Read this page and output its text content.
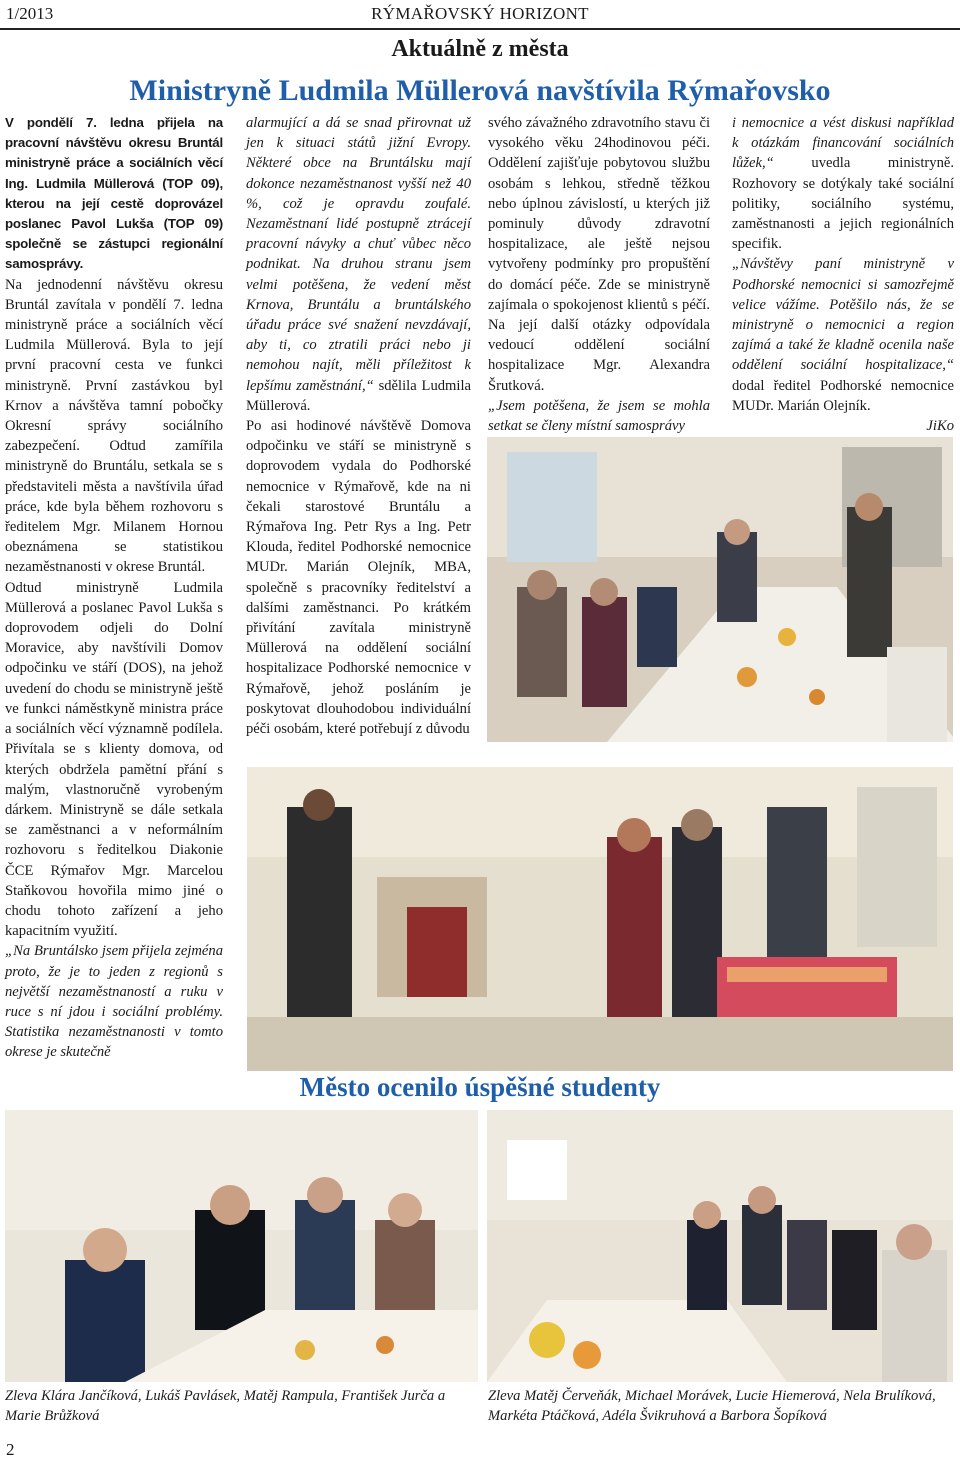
1/2013	RÝMAŘOVSKÝ HORIZONT
Aktuálně z města
Ministryně Ludmila Müllerová navštívila Rýmařovsko

V pondělí 7. ledna přijela na pracovní návštěvu okresu Bruntál ministryně práce a sociálních věcí Ing. Ludmila Müllerová (TOP 09), kterou na její cestě doprovázel poslanec Pavol Lukša (TOP 09) společně se zástupci regionální samosprávy.

Na jednodenní návštěvu okresu Bruntál zavítala v pondělí 7. ledna ministryně práce a sociálních věcí Ludmila Müllerová. Byla to její první pracovní cesta ve funkci ministryně. První zastávkou byl Krnov a návštěva tamní pobočky Okresní správy sociálního zabezpečení. Odtud zamířila ministryně do Bruntálu, setkala se s představiteli města a navštívila úřad práce, kde byla během rozhovoru s ředitelem Mgr. Milanem Hornou obeznámena se statistikou nezaměstnanosti v okrese Bruntál.

Odtud ministryně Ludmila Müllerová a poslanec Pavol Lukša s doprovodem odjeli do Dolní Moravice, aby navštívili Domov odpočinku ve stáří (DOS), na jehož uvedení do chodu se ministryně ještě ve funkci náměstkyně ministra práce a sociálních věcí významně podílela. Přivítala se s klienty domova, od kterých obdržela pamětní přání s malým, vlastnoručně vyrobeným dárkem. Ministryně se dále setkala se zaměstnanci a v neformálním rozhovoru s ředitelkou Diakonie ČCE Rýmařov Mgr. Marcelou Staňkovou hovořila mimo jiné o chodu tohoto zařízení a jeho kapacitním využití.

„Na Bruntálsko jsem přijela zejména proto, že je to jeden z regionů s největší nezaměstnaností a ruku v ruce s ní jdou i sociální problémy. Statistika nezaměstnanosti v tomto okrese je skutečně

alarmující a dá se snad přirovnat už jen k situaci států jižní Evropy. Některé obce na Bruntálsku mají dokonce nezaměstnanost vyšší než 40 %, což je opravdu zoufalé. Nezaměstnaní lidé postupně ztrácejí pracovní návyky a chuť vůbec něco podnikat. Na druhou stranu jsem velmi potěšena, že vedení měst Krnova, Bruntálu a bruntálského úřadu práce své snažení nevzdávají, aby ti, co ztratili práci nebo ji nemohou najít, měli příležitost k lepšímu zaměstnání,“ sdělila Ludmila Müllerová.

Po asi hodinové návštěvě Domova odpočinku ve stáří se ministryně s doprovodem vydala do Podhorské nemocnice v Rýmařově, kde na ni čekali starostové Bruntálu a Rýmařova Ing. Petr Rys a Ing. Petr Klouda, ředitel Podhorské nemocnice MUDr. Marián Olejník, MBA, společně s pracovníky ředitelství a dalšími zaměstnanci. Po krátkém přivítání zavítala ministryně Müllerová na oddělení sociální hospitalizace Podhorské nemocnice v Rýmařově, jehož posláním je poskytovat dlouhodobou individuální péči osobám, které potřebují z důvodu

svého závažného zdravotního stavu či vysokého věku 24hodinovou péči. Oddělení zajišťuje pobytovou službu osobám s lehkou, středně těžkou nebo úplnou závislostí, u kterých již pominuly důvody zdravotní hospitalizace, ale ještě nejsou vytvořeny podmínky pro propuštění do domácí péče. Zde se ministryně zajímala o spokojenost klientů s péčí. Na její další otázky odpovídala vedoucí oddělení sociální hospitalizace Mgr. Alexandra Šrutková.

„Jsem potěšena, že jsem se mohla setkat se členy místní samosprávy

i nemocnice a vést diskusi například k otázkám financování sociálních lůžek,“	uvedla ministryně. Rozhovory se dotýkaly také sociální politiky, sociálního systému, zaměstnanosti a jejich regionálních specifik.

„Návštěvy paní ministryně v Podhorské nemocnici si samozřejmě velice vážíme. Potěšilo nás, že se ministryně o nemocnici a region zajímá a také že kladně ocenila naše oddělení sociální hospitalizace,“ dodal ředitel Podhorské nemocnice MUDr. Marián Olejník.

JiKo

Město ocenilo úspěšné studenty
Zleva Klára Jančíková, Lukáš Pavlásek, Matěj Rampula, František Jurča a Marie Brůžková
Zleva Matěj Červeňák, Michael Morávek, Lucie Hiemerová, Nela Brulíková, Markéta Ptáčková, Adéla Švikruhová a Barbora Šopíková
2
